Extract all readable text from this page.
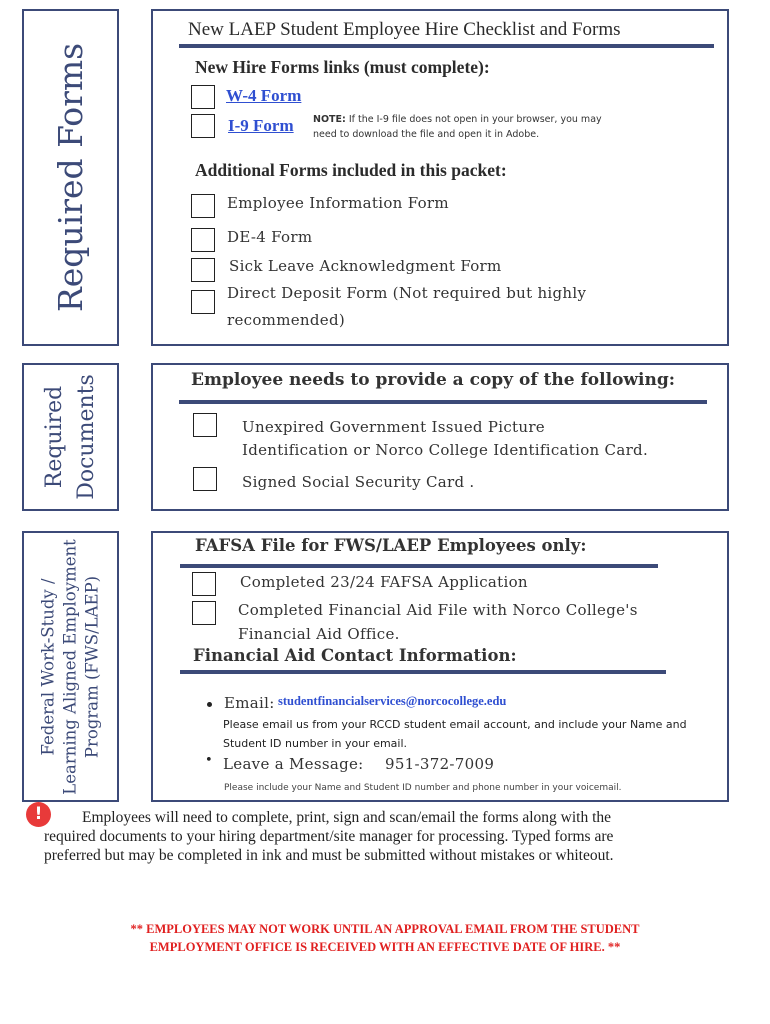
Required Forms
New LAEP Student Employee Hire Checklist and Forms
New Hire Forms links (must complete):
W-4 Form
I-9 Form NOTE: If the I-9 file does not open in your browser, you may
need to download the file and open it in Adobe.
Additional Forms included in this packet:
Employee Information Form
DE-4 Form
Sick Leave Acknowledgment Form
Direct Deposit Form (Not required but highly
recommended)
Required Documents	Employee needs to provide a copy of the following:
Unexpired Government Issued Picture
Identification or Norco College Identification Card.
Signed Social Security Card .
Federal Work-Study / Learning Aligned Employment Program (FWS/LAEP)
FAFSA File for FWS/LAEP Employees only:
Completed 23/24 FAFSA Application
Completed Financial Aid File with Norco College's
Financial Aid Office.
Financial Aid Contact Information:
Email: studentfinancialservices@norcocollege.edu
Please email us from your RCCD student email account, and include your Name and
Student ID number in your email.
• Leave a Message: 951-372-7009
Please include your Name and Student ID number and phone number in your voicemail.
!	Employees will need to complete, print, sign and scan/email the forms along with the
required documents to your hiring department/site manager for processing. Typed forms are
preferred but may be completed in ink and must be submitted without mistakes or whiteout.
** EMPLOYEES MAY NOT WORK UNTIL AN APPROVAL EMAIL FROM THE STUDENT
EMPLOYMENT OFFICE IS RECEIVED WITH AN EFFECTIVE DATE OF HIRE. **
